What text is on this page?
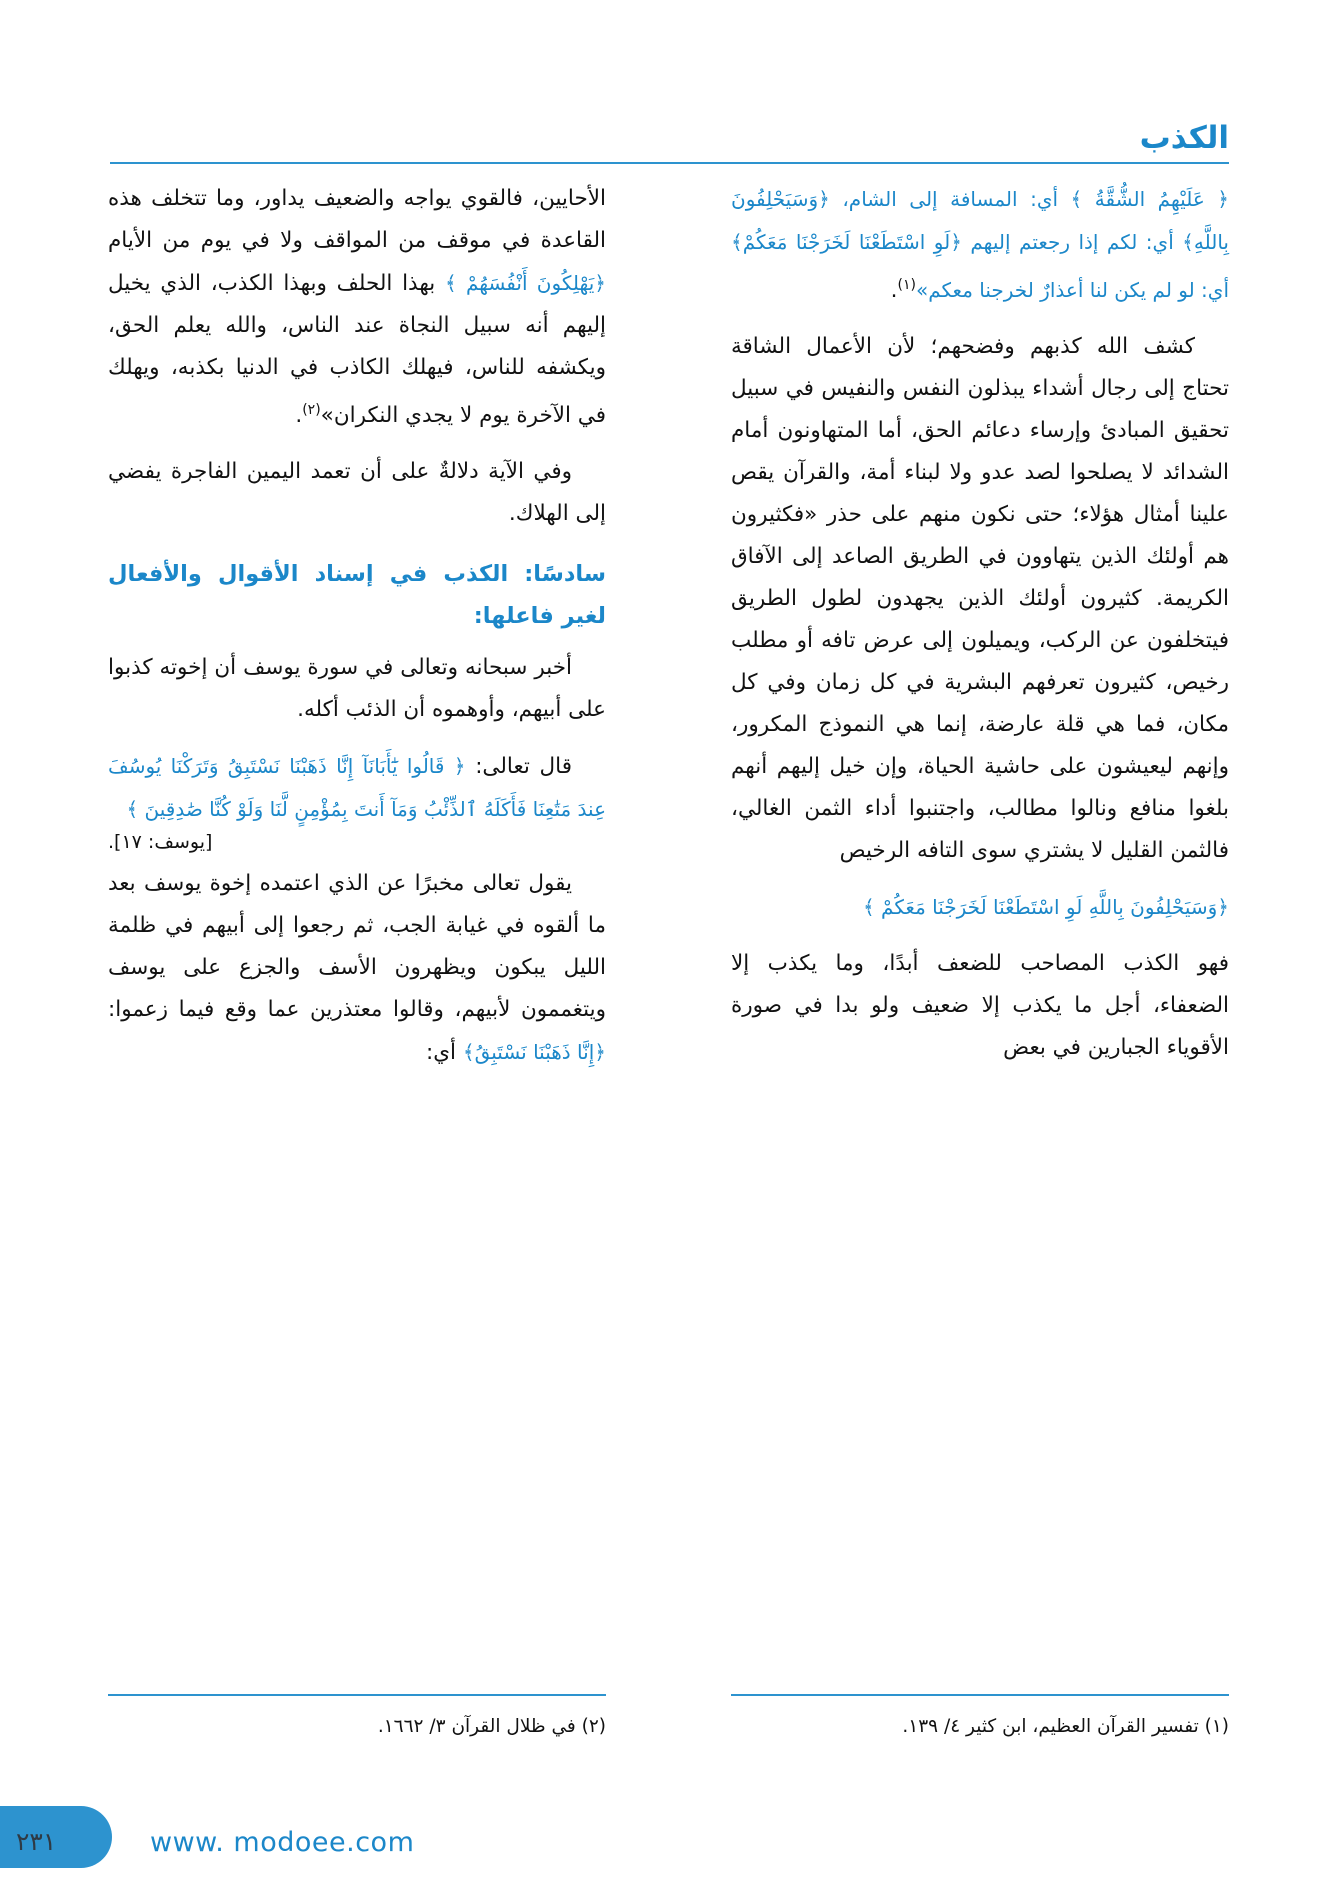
الكذب

﴿ عَلَيْهِمُ الشُّقَّةُ ﴾ أي: المسافة إلى الشام، ﴿وَسَيَحْلِفُونَ بِاللَّهِ﴾ أي: لكم إذا رجعتم إليهم ﴿لَوِ اسْتَطَعْنَا لَخَرَجْنَا مَعَكُمْ﴾ أي: لو لم يكن لنا أعذارٌ لخرجنا معكم»$^{(١)}$.

كشف الله كذبهم وفضحهم؛ لأن الأعمال الشاقة تحتاج إلى رجال أشداء يبذلون النفس والنفيس في سبيل تحقيق المبادئ وإرساء دعائم الحق، أما المتهاونون أمام الشدائد لا يصلحوا لصد عدو ولا لبناء أمة، والقرآن يقص علينا أمثال هؤلاء؛ حتى نكون منهم على حذر «فكثيرون هم أولئك الذين يتهاوون في الطريق الصاعد إلى الآفاق الكريمة. كثيرون أولئك الذين يجهدون لطول الطريق فيتخلفون عن الركب، ويميلون إلى عرض تافه أو مطلب رخيص، كثيرون تعرفهم البشرية في كل زمان وفي كل مكان، فما هي قلة عارضة، إنما هي النموذج المكرور، وإنهم ليعيشون على حاشية الحياة، وإن خيل إليهم أنهم بلغوا منافع ونالوا مطالب، واجتنبوا أداء الثمن الغالي، فالثمن القليل لا يشتري سوى التافه الرخيص

﴿وَسَيَحْلِفُونَ بِاللَّهِ لَوِ اسْتَطَعْنَا لَخَرَجْنَا مَعَكُمْ ﴾

فهو الكذب المصاحب للضعف أبدًا، وما يكذب إلا الضعفاء، أجل ما يكذب إلا ضعيف ولو بدا في صورة الأقوياء الجبارين في بعض

الأحايين، فالقوي يواجه والضعيف يداور، وما تتخلف هذه القاعدة في موقف من المواقف ولا في يوم من الأيام ﴿يَهْلِكُونَ أَنْفُسَهُمْ ﴾ بهذا الحلف وبهذا الكذب، الذي يخيل إليهم أنه سبيل النجاة عند الناس، والله يعلم الحق، ويكشفه للناس، فيهلك الكاذب في الدنيا بكذبه، ويهلك في الآخرة يوم لا يجدي النكران»$^{(٢)}$.

وفي الآية دلالةٌ على أن تعمد اليمين الفاجرة يفضي إلى الهلاك.

سادسًا: الكذب في إسناد الأقوال والأفعال لغير فاعلها:

أخبر سبحانه وتعالى في سورة يوسف أن إخوته كذبوا على أبيهم، وأوهموه أن الذئب أكله.

قال تعالى: ﴿ قَالُوا يَٰٓأَبَانَآ إِنَّا ذَهَبْنَا نَسْتَبِقُ وَتَرَكْنَا يُوسُفَ عِندَ مَتَٰعِنَا فَأَكَلَهُ ٱلذِّئْبُ وَمَآ أَنتَ بِمُؤْمِنٍ لَّنَا وَلَوْ كُنَّا صَٰدِقِينَ ﴾

[يوسف: ١٧].

يقول تعالى مخبرًا عن الذي اعتمده إخوة يوسف بعد ما ألقوه في غيابة الجب، ثم رجعوا إلى أبيهم في ظلمة الليل يبكون ويظهرون الأسف والجزع على يوسف ويتغممون لأبيهم، وقالوا معتذرين عما وقع فيما زعموا: ﴿إِنَّا ذَهَبْنَا نَسْتَبِقُ﴾ أي:

(١) تفسير القرآن العظيم، ابن كثير ٤/ ١٣٩.
(٢) في ظلال القرآن ٣/ ١٦٦٢.
٢٣١	www. modoee.com
